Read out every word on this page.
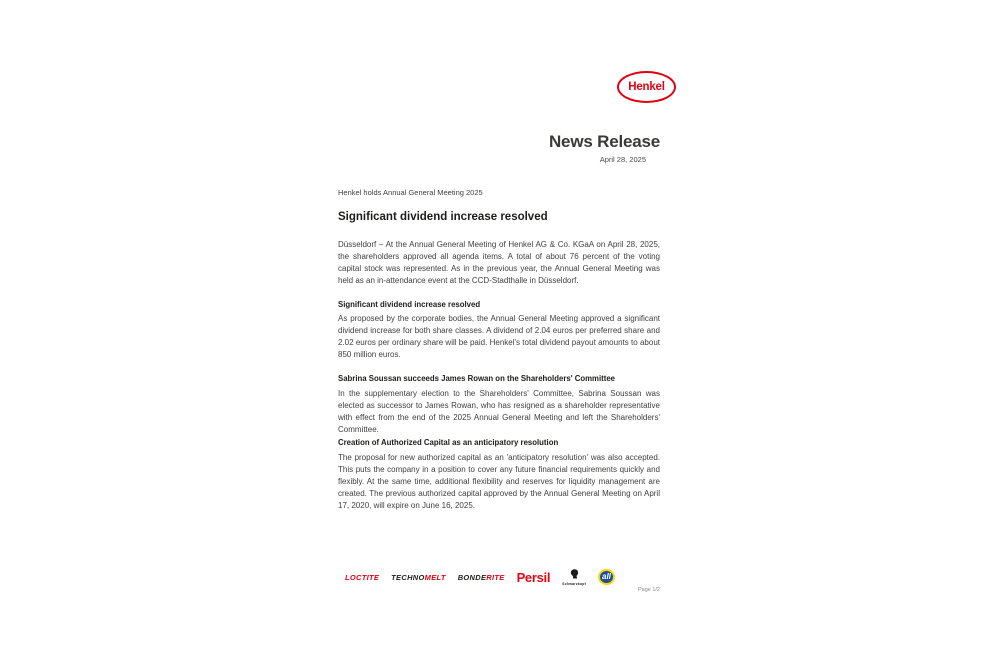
Henkel
News Release
April 28, 2025
Henkel holds Annual General Meeting 2025
Significant dividend increase resolved

Düsseldorf – At the Annual General Meeting of Henkel AG & Co. KGaA on April 28, 2025, the shareholders approved all agenda items. A total of about 76 percent of the voting capital stock was represented. As in the previous year, the Annual General Meeting was held as an in-attendance event at the CCD-Stadthalle in Düsseldorf.

Significant dividend increase resolved

As proposed by the corporate bodies, the Annual General Meeting approved a significant dividend increase for both share classes. A dividend of 2.04 euros per preferred share and 2.02 euros per ordinary share will be paid. Henkel's total dividend payout amounts to about 850 million euros.

Sabrina Soussan succeeds James Rowan on the Shareholders' Committee

In the supplementary election to the Shareholders' Committee, Sabrina Soussan was elected as successor to James Rowan, who has resigned as a shareholder representative with effect from the end of the 2025 Annual General Meeting and left the Shareholders' Committee.

Creation of Authorized Capital as an anticipatory resolution

The proposal for new authorized capital as an 'anticipatory resolution' was also accepted. This puts the company in a position to cover any future financial requirements quickly and flexibly. At the same time, additional flexibility and reserves for liquidity management are created. The previous authorized capital approved by the Annual General Meeting on April 17, 2020, will expire on June 16, 2025.

LOCTITE TECHNOMELT BONDERITE Persil	Schwarzkopf
all
Page 1/2
